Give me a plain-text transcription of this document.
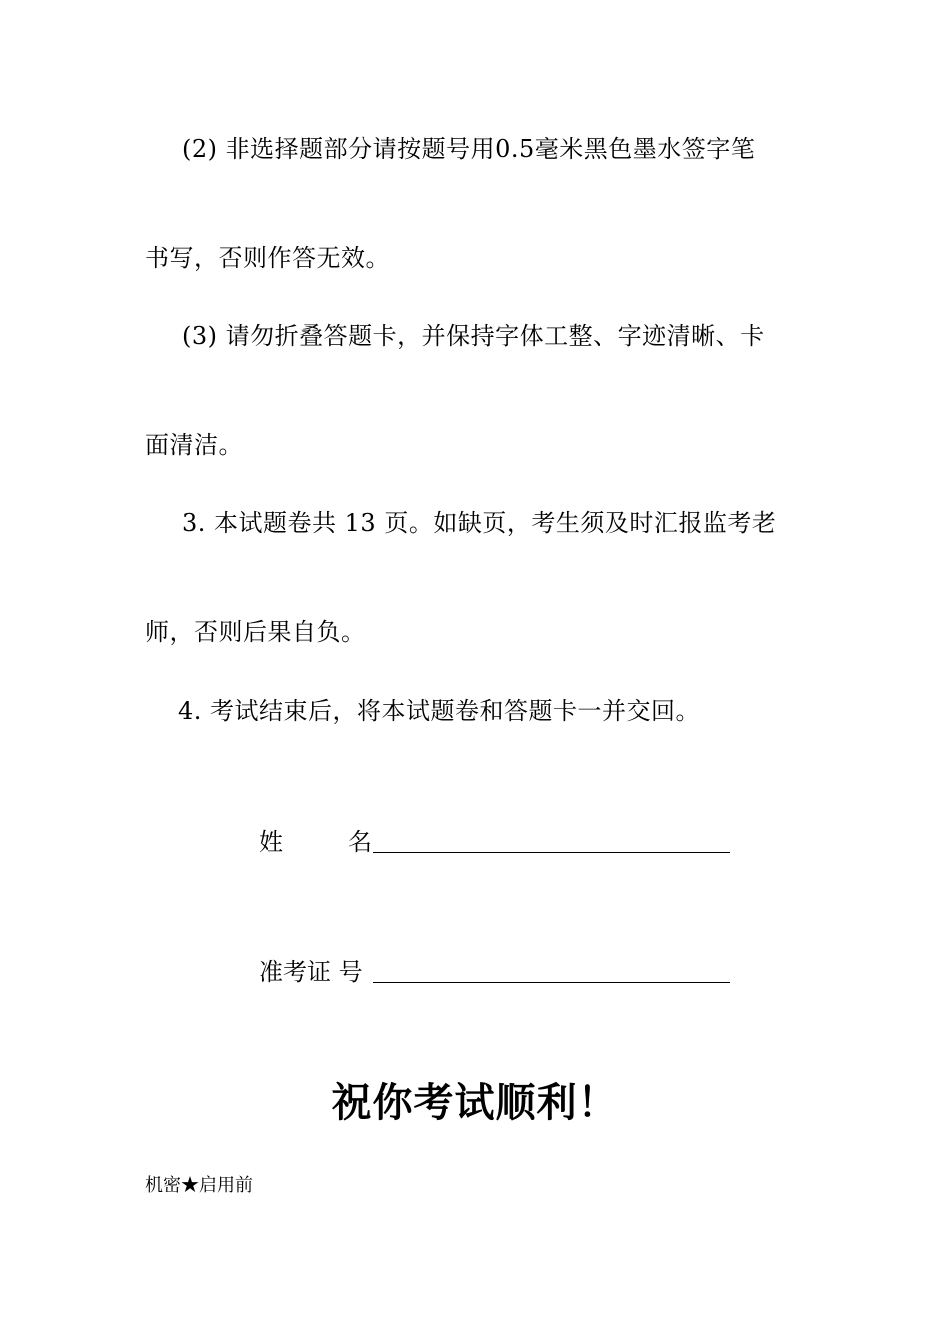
(2) 非选择题部分请按题号用0.5毫米黑色墨水签字笔
书写，否则作答无效。
(3) 请勿折叠答题卡，并保持字体工整、字迹清晰、卡
面清洁。
3. 本试题卷共 13 页。如缺页，考生须及时汇报监考老
师，否则后果自负。
4. 考试结束后，将本试题卷和答题卡一并交回。
姓	名
准考证 号
祝你考试顺利！
机密★启用前
